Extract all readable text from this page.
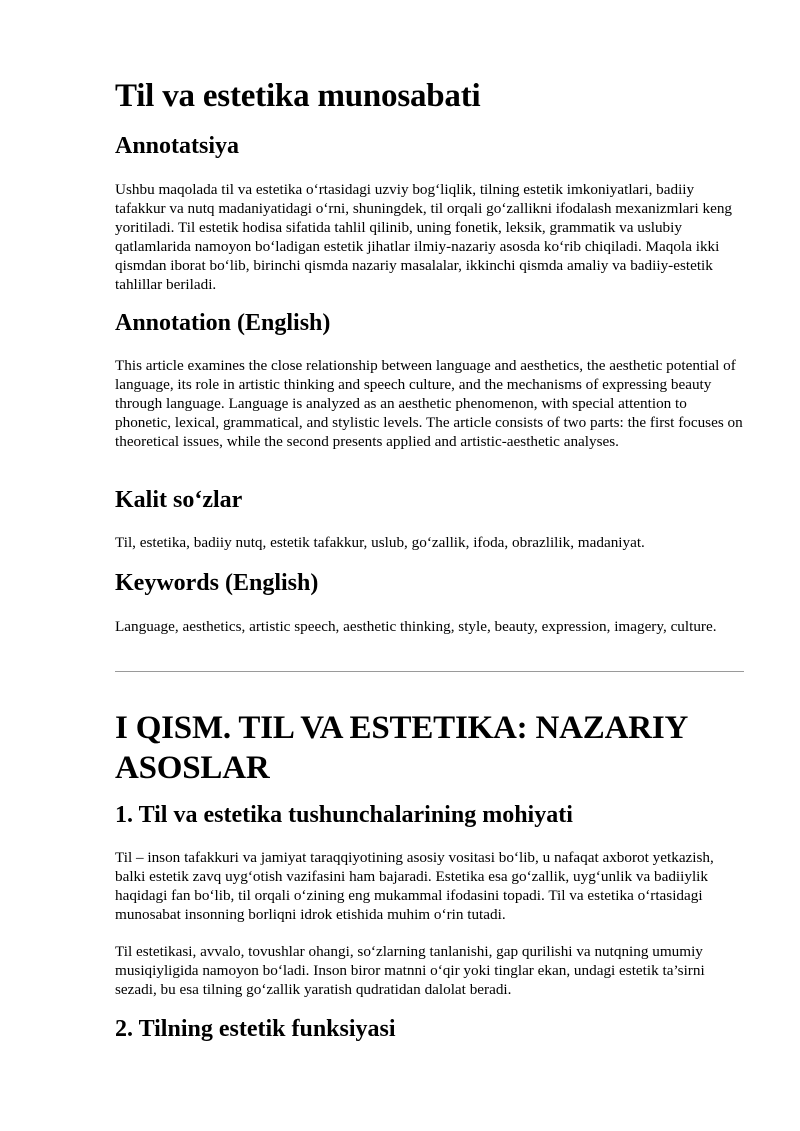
Til va estetika munosabati
Annotatsiya

Ushbu maqolada til va estetika o‘rtasidagi uzviy bog‘liqlik, tilning estetik imkoniyatlari, badiiy tafakkur va nutq madaniyatidagi o‘rni, shuningdek, til orqali go‘zallikni ifodalash mexanizmlari keng yoritiladi. Til estetik hodisa sifatida tahlil qilinib, uning fonetik, leksik, grammatik va uslubiy qatlamlarida namoyon bo‘ladigan estetik jihatlar ilmiy-nazariy asosda ko‘rib chiqiladi. Maqola ikki qismdan iborat bo‘lib, birinchi qismda nazariy masalalar, ikkinchi qismda amaliy va badiiy-estetik tahlillar beriladi.

Annotation (English)

This article examines the close relationship between language and aesthetics, the aesthetic potential of language, its role in artistic thinking and speech culture, and the mechanisms of expressing beauty through language. Language is analyzed as an aesthetic phenomenon, with special attention to phonetic, lexical, grammatical, and stylistic levels. The article consists of two parts: the first focuses on theoretical issues, while the second presents applied and artistic-aesthetic analyses.

Kalit so‘zlar

Til, estetika, badiiy nutq, estetik tafakkur, uslub, go‘zallik, ifoda, obrazlilik, madaniyat.

Keywords (English)

Language, aesthetics, artistic speech, aesthetic thinking, style, beauty, expression, imagery, culture.

I QISM. TIL VA ESTETIKA: NAZARIY ASOSLAR
1. Til va estetika tushunchalarining mohiyati

Til – inson tafakkuri va jamiyat taraqqiyotining asosiy vositasi bo‘lib, u nafaqat axborot yetkazish, balki estetik zavq uyg‘otish vazifasini ham bajaradi. Estetika esa go‘zallik, uyg‘unlik va badiiylik haqidagi fan bo‘lib, til orqali o‘zining eng mukammal ifodasini topadi. Til va estetika o‘rtasidagi munosabat insonning borliqni idrok etishida muhim o‘rin tutadi.

Til estetikasi, avvalo, tovushlar ohangi, so‘zlarning tanlanishi, gap qurilishi va nutqning umumiy musiqiyligida namoyon bo‘ladi. Inson biror matnni o‘qir yoki tinglar ekan, undagi estetik ta’sirni sezadi, bu esa tilning go‘zallik yaratish qudratidan dalolat beradi.

2. Tilning estetik funksiyasi
